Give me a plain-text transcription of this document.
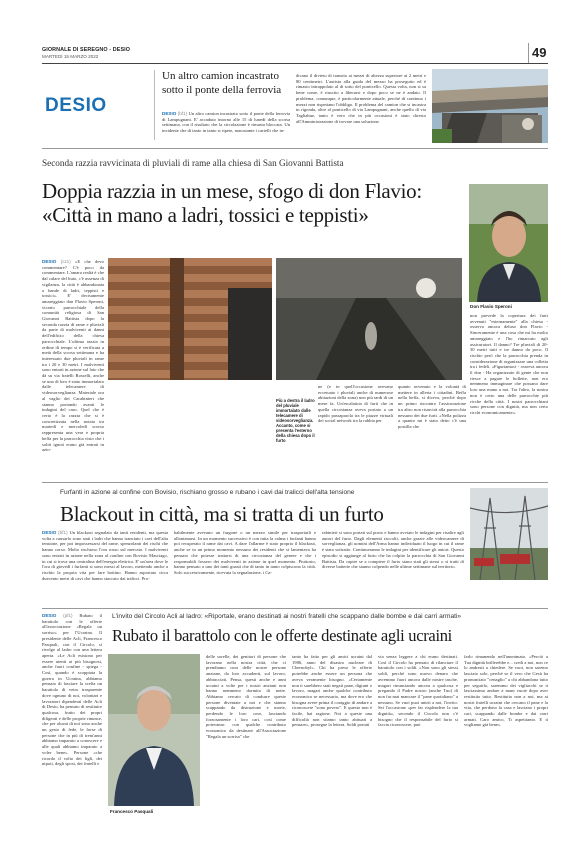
GIORNALE DI SEREGNO - DESIO
MARTEDÌ 15 MARZO 2022	49
DESIO
Un altro camion incastrato sotto il ponte della ferrovia
DESIO (bf1) Un altro camion incastrato sotto il ponte della ferrovia di Lampugnani. E' accaduto intorno alle 15 di lunedì della scorsa settimana, con il risultato che la circolazione è rimasta bloccata. Un incidente che di tanto in tanto si ripete, nonostante i cartelli che in-
dicano il divieto di transito ai mezzi di altezza superiore ai 2 metri e 80 centimetri. L'autista alla guida del mezzo ha proseguito ed è rimasto intrappolato al di sotto del ponticello. Questa volta, non si sa bene come, è riuscito a liberarsi e dopo poco se ne è andato. Il problema, comunque, è particolarmente attuale, perché di continuo i mezzi non rispettano l'obbligo. Il problema del camion che si incastra in rigonda, oltre al ponticello di via Lampugnani, anche quello di via Tagliabue, tanto è vero che in più occasioni è stato chiesto all'Amministrazione di trovare una soluzione.
Seconda razzia ravvicinata di pluviali di rame alla chiesa di San Giovanni Battista
Doppia razzia in un mese, sfogo di don Flavio:
«Città in mano a ladri, tossici e teppisti»
Don Flavio Speroni
DESIO (cz1) «E che devo commentare? C'è poco da commentare. L'amara realtà è che dal calare del buio, c'è assenza di vigilanza, la città è abbandonata a bande di ladri, teppisti e tossici». E' decisamente amareggiato don Flavio Speroni, vicario parrocchiale della comunità religiosa di San Giovanni Battista dopo la seconda razzia di rame e pluviali da parte di malviventi ai danni dell'edificio della chiesa parrocchiale. L'ultima razzia in ordine di tempo si è verificata a metà della scorsa settimana e ha interessato due pluviali in rame tra i 20 e 30 metri. I malviventi sono entrati in azione sul lato che dà su via fratelli Rosselli, anche se uno di loro è stato immortalato dalle telecamere di videosorveglianza. Materiale ora al vaglio dei Carabinieri che stanno portando avanti le indagini del caso. Quel che è certo è la razzia che si è concretizzata nella notata tra martedì e mercoledì scorso rappresenta una vera e propria beffa per la parrocchia visto che i soliti ignoti erano già entrati in azio-
Più a destra il ladro del pluviale immortalato dalle telecamere di videosorveglianza. Accanto, come si presenta l'esterno della chiesa dopo il furto
ne (e in quell'occasione avevano eccetuato i pluviali anche di numerose abitazioni della zona) non più tardi di un mese fa. Un'escalation di furti che in quella circostanza aveva portato a un rapido passaparola tra le piazze virtuali dei social network tra la rabbia per
quanto avvenuto e la volontà di mettere in allerta i cittadini. Beffa nella beffa, si diceva, perché dopo un primo riscontro l'assicurazione tra altro non risarcirà alla parrocchia nessuno dei due furti. «Nella polizza a quanto mi è stato detto c'è una postilla che
non prevede la copertura dei furti avvenuti "esternamente" alla chiesa - osserva ancora deluso don Flavio - Sinceramente è una cosa che mi ha molto amareggiato e l'ho rimarcato agli assicuratori. Il danno? Tre pluviali di 20-30 metri tutti e tre danno da poco. Il rischio però che la parrocchia prenda in considerazione di organizzare una colletta tra i fedeli. «Figuriamoci - osserva ancora il don - Ha organizzato di gente che non riesce a pagare le bollette, non ero nemmeno immaginare che possano dare loro una mano a noi. Tra l'altro, la nostra non è certo una delle parrocchie più ricche della città. I nostri parrocchiani sono persone con dignità, ma non certo ricchi economicamente».
Furfanti in azione al confine con Bovisio, rischiano grosso e rubano i cavi dai tralicci dell'alta tensione
Blackout in città, ma si tratta di un furto
DESIO (bf1) Un blackout segnalato da tanti residenti, ma questa volta a causarlo sono stati i ladri che hanno tranciato i cavi dell'alta tensione, per poi impossessarsi del rame, spenzolanti dei rischi che hanno corso. Molto rischioso l'ora rosso sul mercato. I malviventi sono entrati in azione nella zona al confine con Bovisio Masciago, in cui si trova una centralina dell'energia elettrica. E' un'area dove le l'ora di giovedì i furfanti si sono messi al lavoro, mettendo anche a rischio la propria vita per fare bottino. Hanno asportato circa duecento metri di cavi che hanno staccato dai tralicci. Pro-
babilmente avevano un furgone o un mezzo simile per trasportarli e allontanarsi. In un momento successivo è con tutta la calma i furfanti hanno poi recuperato il rame dai cavi. A dare l'allarme è stato proprio il blackout, anche se in un primo momento nessuno dei residenti che si lamentava ha pensato che potesse trattarsi di una circostanza del genere e che i responsabili fossero dei malviventi in azione in quel momento. Piuttosto, hanno pensato a uno dei tanti guasti che di tanto in tanto colpiscono la città. Solo successivamente, ricevuta la segnalazione, i Ca-
rabinieri si sono portati sul posto e hanno avviato le indagini per risalire agli autori del furto. Dagli elementi raccolti, anche grazie alle videocamere di sorveglianza, gli uomini dell'Arma hanno individuato il luogo in cui il rame è stato sottratto. Continueranno le indagini per identificare gli autori. Questo episodio si aggiunge al furto che ha colpito la parrocchia di San Giovanni Battista. Da capire se a compiere il furto siano stati gli stessi o si tratti di diverse batterie che stanno colpendo nelle ultime settimane sul territorio.
DESIO (pf1) Rubato il barattolo con le offerte all'associazione «Regala un sorriso» per l'Ucraina. Il presidente delle Acli, Francesco Pasquali, con il Circolo, si rivolge al ladro con una lettera aperta. «Le Acli esistono per essere utenti ai più bisognosi, anche fuori confine - spiega - Così, quando è scoppiata la guerra in Ucraina, abbiamo pensato di lasciare la scelta un barattolo di vetro trasparente dove ognuno di noi, volontari e lavoratori dipendenti delle Acli di Desio, ha pensato di restituire qualcosa, frutto dei propri diligenti e delle proprie rinunce, che per alcuni di noi sono anche un gesto di fede, le forse di persone che in più di trent'anni abbiamo imparato a conoscere e alle quali abbiamo imparato a voler bene». Persone «che ricordo il volto dei figli, dei nipoti, degli sposi, dei fratelli e
L'invito del Circolo Acli al ladro: «Riportale, erano destinati ai nostri fratelli che scappano dalle bombe e dai carri armati»
Rubato il barattolo con le offerte destinate agli ucraini
Francesco Pasquali
delle sorelle, dei genitori di persone che lavorano nella nostra città, che ci prendiamo cura delle nostre persone anziane, da loro accudenti, sul lavoro, abbracciati. Pensa, questi anche e anni ucraini a volte per i nostri anziani non hanno nemmeno dormito di notte. Abbiamo cercato di condurre queste persone diventate a noi e che stanno scappando da distruzione e morte, perdendo le loro cose, lasciando forzosamente i loro cari, così come potevamo: con qualche contributo economico da destinare all'Associazione "Regala un sorriso" che
tanto ha fatto per gli amici ucraini dal 1986, anno del disastro nucleare di Chernobyl». Chi ha preso le offerte potrebbe anche essere un persona che aveva veramente bisogno. «Certamente non ti sarebbero stati negati pane, digiuni o lavoro, magari anche qualche contributo economico se necessario, ma dove ero che bisogna avere prima il coraggio di andare a riconoscere "sono povero". E questo non è facile, hai ragione. Noi a queste una difficoltà non stiamo tanto abituati a pensare», prosegue la lettera. Soldi portati
via senza leggere a chi erano destinati. Così il Circolo ha pensato di rilanciare il barattolo con i soldi. «Non sono gli stessi soldi, perché sono nuovo denaro che avremmo fuori ancora dalle nostre tasche, magari rinunciando ancora a qualcosa e pregando il Padre nostro (anche Tuo) di non far mai mancare il "pane quotidiano" a nessuno. Se vuoi puoi unirti a noi, l'invito. Sei l'occasione «per far risplendere la tua dignità», secondo il Circolo non c'è bisogno che il responsabile del furto si faccia riconoscere, può
farlo rimanendo nell'anonimato. «Perciò a Tua dignità brillerebbe e... credi a noi, non ce lo andresti a chiedere. Se vuoi, non saremo lasciato solo, perché se il vero che Gesù ha pronunciato "cenaglio" a chi abbandona tutto per seguirlo, saremmo dei vigliacchi se ti lasciassimo andare a mani vuote dopo aver restituito tutto. Restituito non a noi, ma ai nostri fratelli ucraini che cercano il pane e la vita, che perdono la casa e lasciano i propri cari, scappando dalle bombe e dai carri armati. Caro amico, Ti aspettiamo. E ti vogliamo già bene».
